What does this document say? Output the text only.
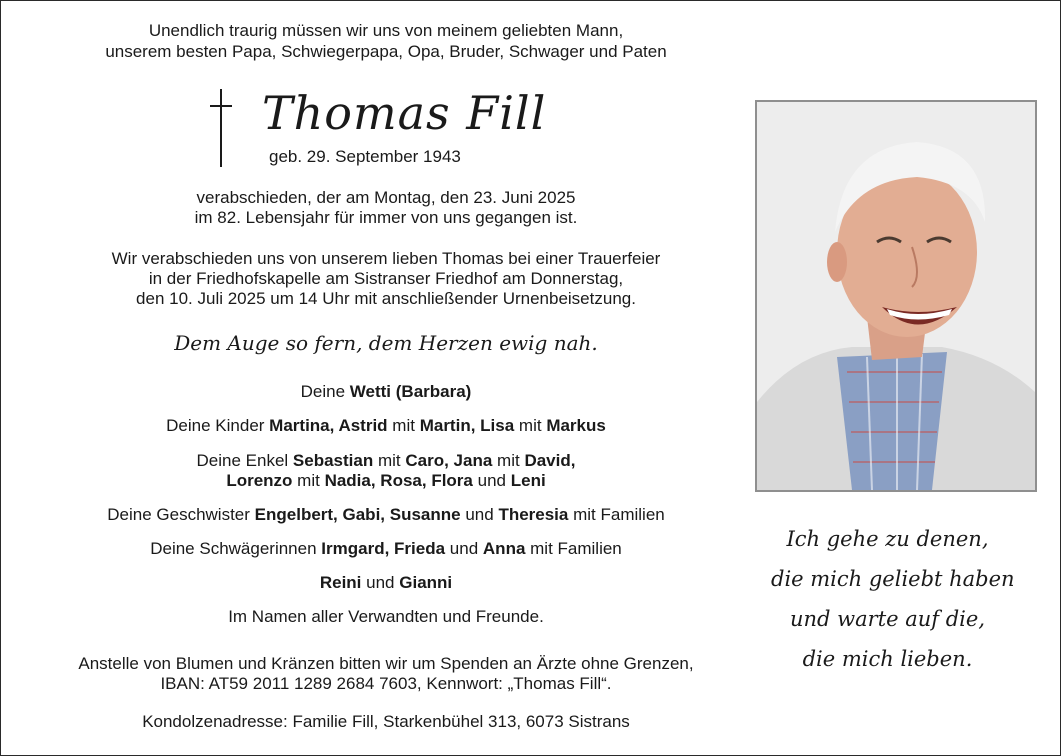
Unendlich traurig müssen wir uns von meinem geliebten Mann,
unserem besten Papa, Schwiegerpapa, Opa, Bruder, Schwager und Paten
Thomas Fill
geb. 29. September 1943
verabschieden, der am Montag, den 23. Juni 2025
im 82. Lebensjahr für immer von uns gegangen ist.
Wir verabschieden uns von unserem lieben Thomas bei einer Trauerfeier
in der Friedhofskapelle am Sistranser Friedhof am Donnerstag,
den 10. Juli 2025 um 14 Uhr mit anschließender Urnenbeisetzung.
Dem Auge so fern, dem Herzen ewig nah.
Deine Wetti (Barbara)
Deine Kinder Martina, Astrid mit Martin, Lisa mit Markus
Deine Enkel Sebastian mit Caro, Jana mit David,
Lorenzo mit Nadia, Rosa, Flora und Leni
Deine Geschwister Engelbert, Gabi, Susanne und Theresia mit Familien
Deine Schwägerinnen Irmgard, Frieda und Anna mit Familien
Reini und Gianni
Im Namen aller Verwandten und Freunde.
Anstelle von Blumen und Kränzen bitten wir um Spenden an Ärzte ohne Grenzen,
IBAN: AT59 2011 1289 2684 7603, Kennwort: „Thomas Fill“.
Kondolzenadresse: Familie Fill, Starkenbühel 313, 6073 Sistrans
Ich gehe zu denen,
die mich geliebt haben
und warte auf die,
die mich lieben.
